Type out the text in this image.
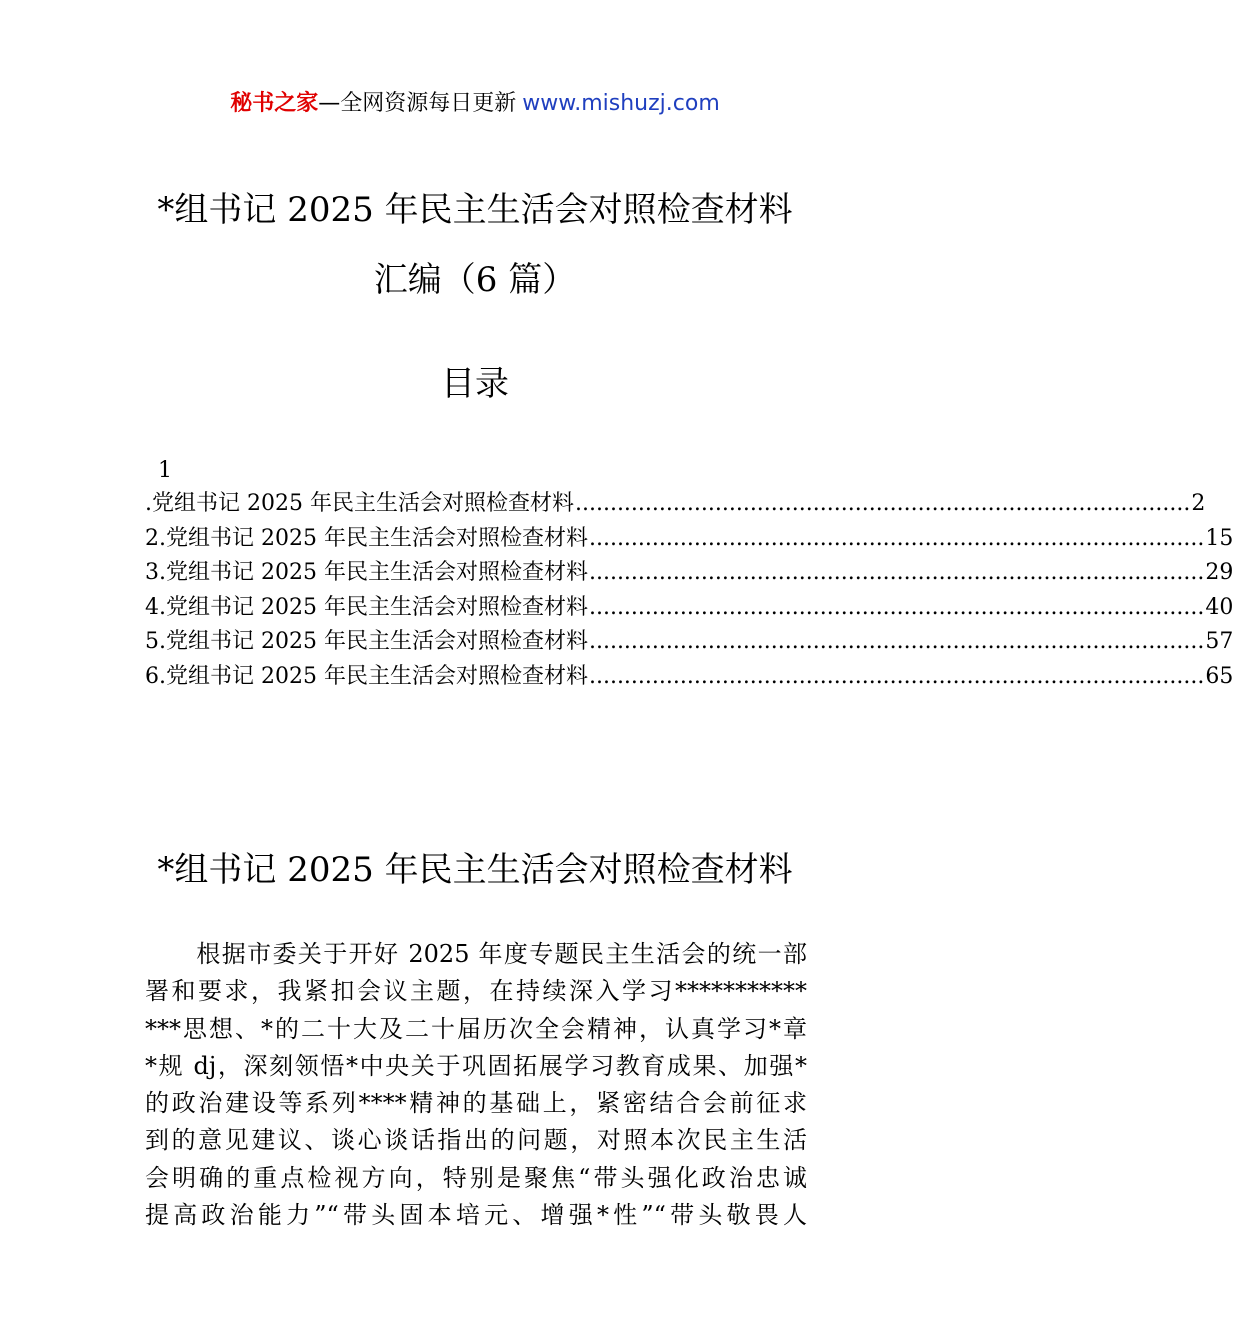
秘书之家—全网资源每日更新 www.mishuzj.com
*组书记 2025 年民主生活会对照检查材料
汇编（6 篇）
目录
1
.党组书记 2025 年民主生活会对照检查材料 ........................................................................................ 2
2.党组书记 2025 年民主生活会对照检查材料 ........................................................................................ 15
3.党组书记 2025 年民主生活会对照检查材料 ........................................................................................ 29
4.党组书记 2025 年民主生活会对照检查材料 ........................................................................................ 40
5.党组书记 2025 年民主生活会对照检查材料 ........................................................................................ 57
6.党组书记 2025 年民主生活会对照检查材料 ........................................................................................ 65
*组书记 2025 年民主生活会对照检查材料
根据市委关于开好 2025 年度专题民主生活会的统一部
署和要求，我紧扣会议主题，在持续深入学习***********
***思想、*的二十大及二十届历次全会精神，认真学习*章
*规 dj，深刻领悟*中央关于巩固拓展学习教育成果、加强*
的政治建设等系列****精神的基础上，紧密结合会前征求
到的意见建议、谈心谈话指出的问题，对照本次民主生活
会明确的重点检视方向，特别是聚焦“带头强化政治忠诚
提高政治能力”“带头固本培元、增强*性”“带头敬畏人
